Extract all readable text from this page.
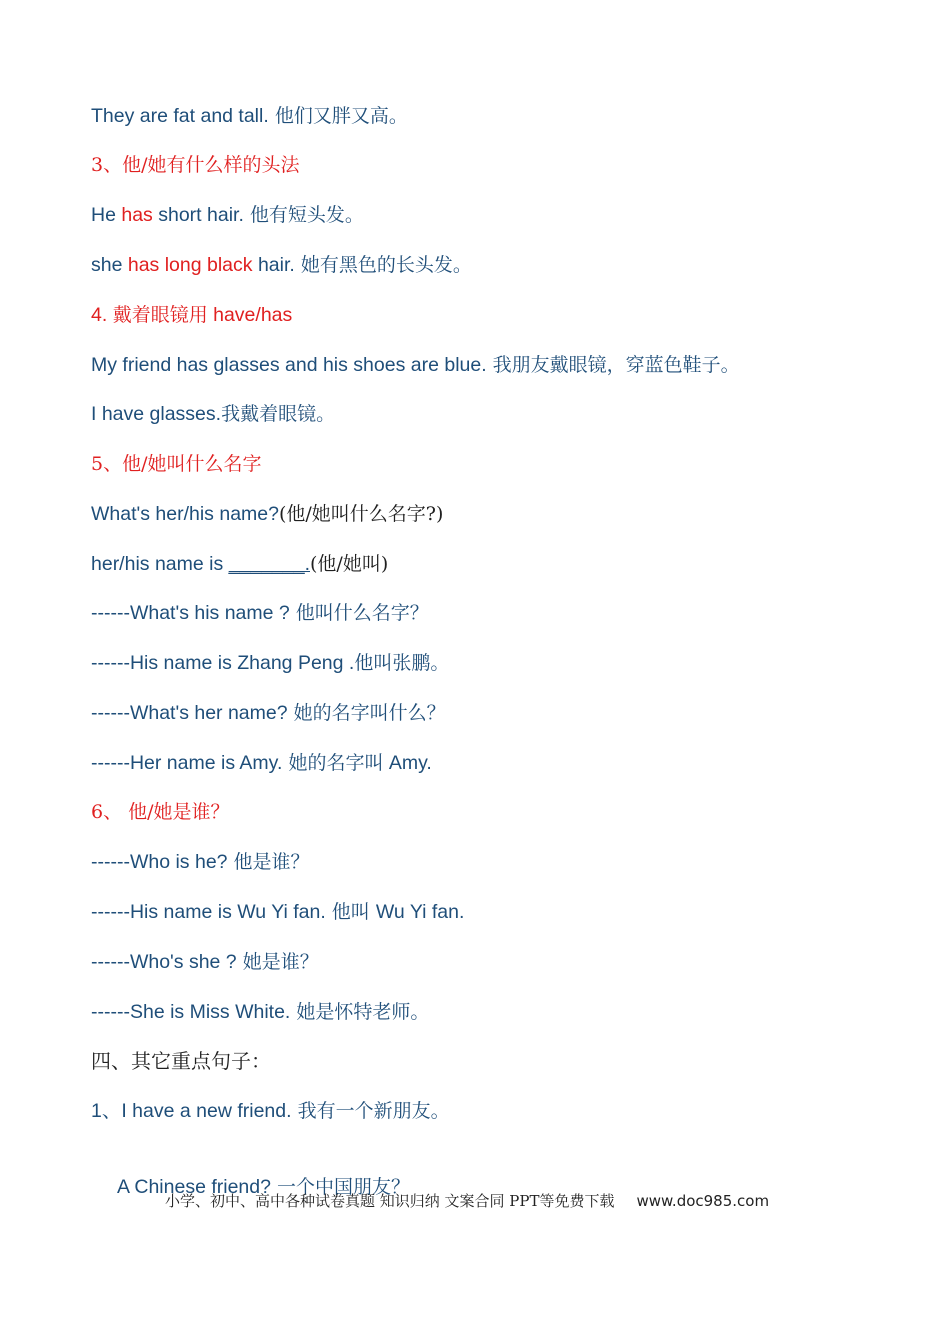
They are fat and tall. 他们又胖又高。
3、他/她有什么样的头法
He has short hair. 他有短头发。
she has long black hair. 她有黑色的长头发。
4. 戴着眼镜用 have/has
My friend has glasses and his shoes are blue. 我朋友戴眼镜，穿蓝色鞋子。
I have glasses.我戴着眼镜。
5、他/她叫什么名字
What's her/his name?(他/她叫什么名字?)
her/his name is _______.(他/她叫)
------What's his name ? 他叫什么名字？
------His name is Zhang Peng .他叫张鹏。
------What's her name? 她的名字叫什么？
------Her name is Amy. 她的名字叫 Amy.
6、 他/她是谁？
------Who is he? 他是谁？
------His name is Wu Yi fan. 他叫 Wu Yi fan.
------Who's she ? 她是谁？
------She is Miss White. 她是怀特老师。
四、其它重点句子：
1、I have a new friend. 我有一个新朋友。

A Chinese friend? 一个中国朋友？

小学、初中、高中各种试卷真题 知识归纳 文案合同 PPT等免费下载 www.doc985.com
